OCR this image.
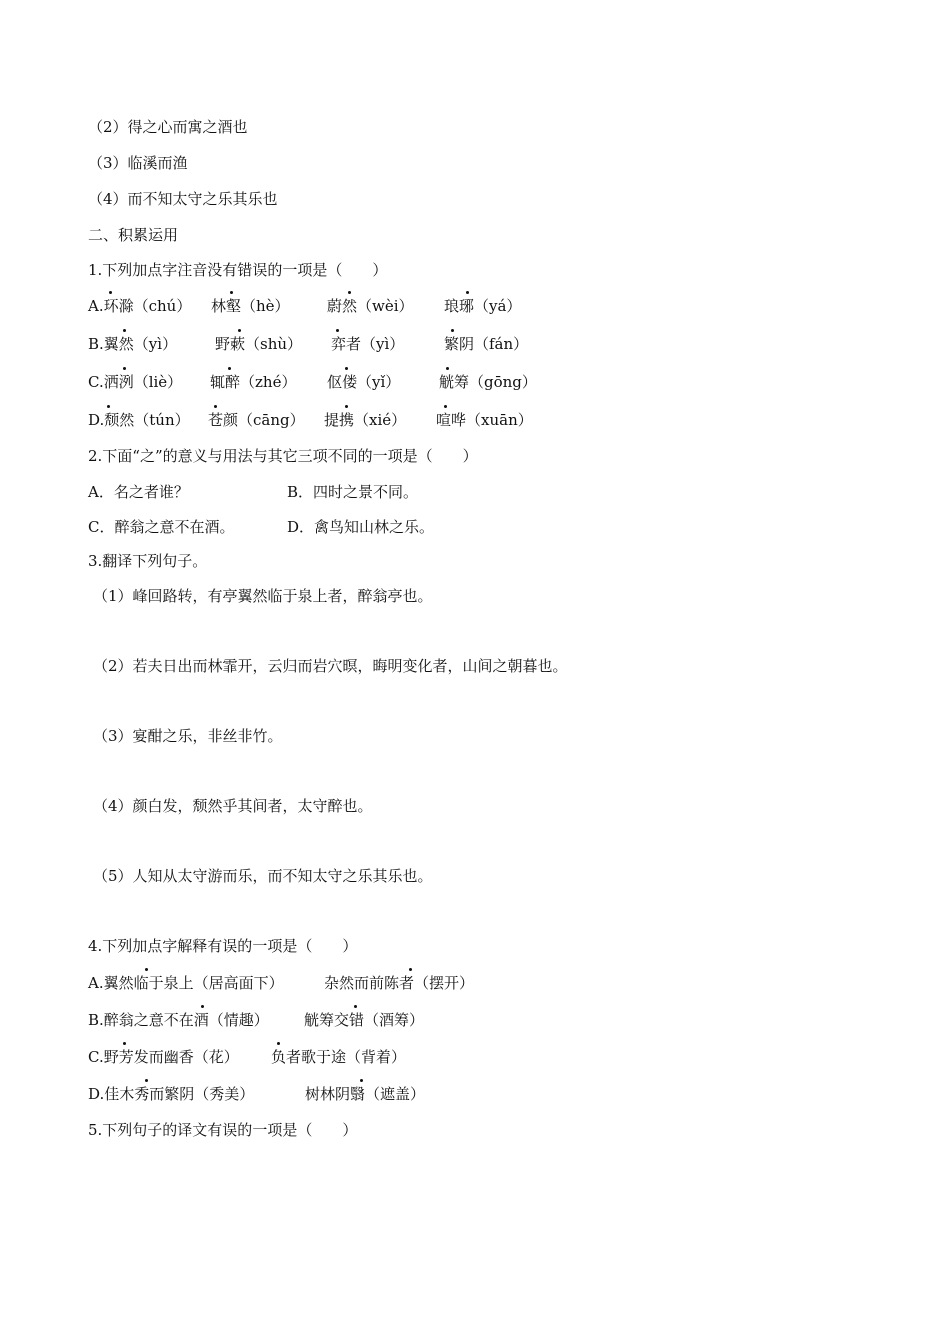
（2）得之心而寓之酒也
（3）临溪而渔
（4）而不知太守之乐其乐也
二、积累运用
1.下列加点字注音没有错误的一项是（　　）
A.环滁（chú） 林壑（hè） 蔚然（wèi） 琅琊（yá）
B.翼然（yì）	野蔌（shù） 弈者（yì）	繁阴（fán）
C.洒洌（liè） 辄醉（zhé） 伛偻（yǐ）	觥筹（gōng）
D.颓然（tún） 苍颜（cāng） 提携（xié） 喧哗（xuān）
2.下面“之”的意义与用法与其它三项不同的一项是（　　）
A．名之者谁？	B．四时之景不同。
C．醉翁之意不在酒。	D．禽鸟知山林之乐。
3.翻译下列句子。
（1）峰回路转，有亭翼然临于泉上者，醉翁亭也。
（2）若夫日出而林霏开，云归而岩穴暝，晦明变化者，山间之朝暮也。
（3）宴酣之乐，非丝非竹。
（4）颜白发，颓然乎其间者，太守醉也。
（5）人知从太守游而乐，而不知太守之乐其乐也。
4.下列加点字解释有误的一项是（　　）
A.翼然临于泉上（居高面下）	杂然而前陈者（摆开）
B.醉翁之意不在酒（情趣） 觥筹交错（酒筹）
C.野芳发而幽香（花） 负者歌于途（背着）
D.佳木秀而繁阴（秀美）	树林阴翳（遮盖）
5.下列句子的译文有误的一项是（　　）
